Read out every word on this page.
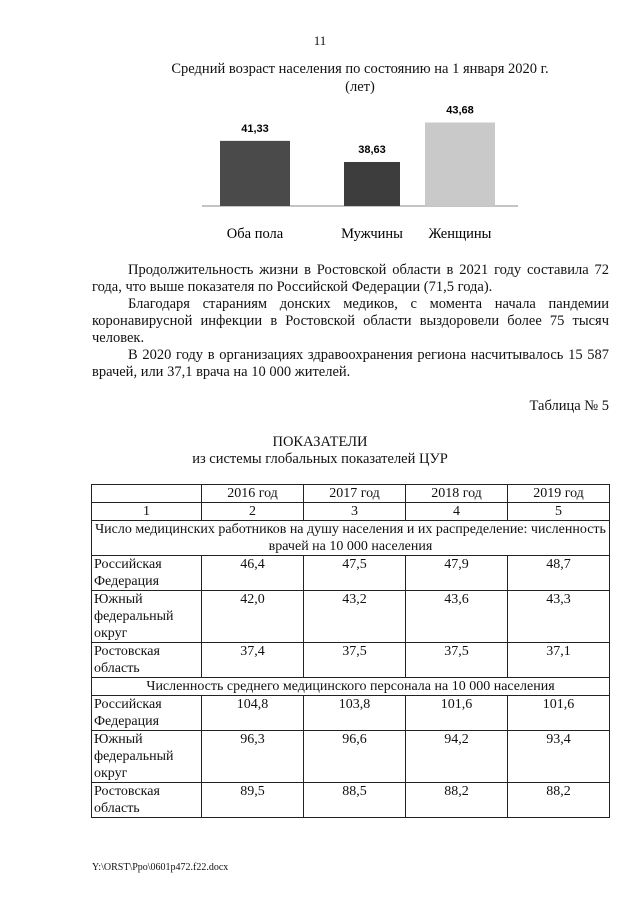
11
Средний возраст населения по состоянию на 1 января 2020 г.
(лет)
41,33
Оба пола
38,63
Мужчины
43,68
Женщины

Продолжительность жизни в Ростовской области в 2021 году составила 72 года, что выше показателя по Российской Федерации (71,5 года).

Благодаря стараниям донских медиков, с момента начала пандемии коронавирусной инфекции в Ростовской области выздоровели более 75 тысяч человек.

В 2020 году в организациях здравоохранения региона насчитывалось 15 587 врачей, или 37,1 врача на 10 000 жителей.

Таблица № 5
ПОКАЗАТЕЛИ
из системы глобальных показателей ЦУР
	2016 год	2017 год	2018 год	2019 год
1	2	3	4	5
Число медицинских работников на душу населения и их распределение: численность врачей на 10 000 населения				
Российская Федерация	46,4	47,5	47,9	48,7
Южный федеральный округ	42,0	43,2	43,6	43,3
Ростовская область	37,4	37,5	37,5	37,1
Численность среднего медицинского персонала на 10 000 населения				
Российская Федерация	104,8	103,8	101,6	101,6
Южный федеральный округ	96,3	96,6	94,2	93,4
Ростовская область	89,5	88,5	88,2	88,2
Y:\ORST\Ppo\0601p472.f22.docx
